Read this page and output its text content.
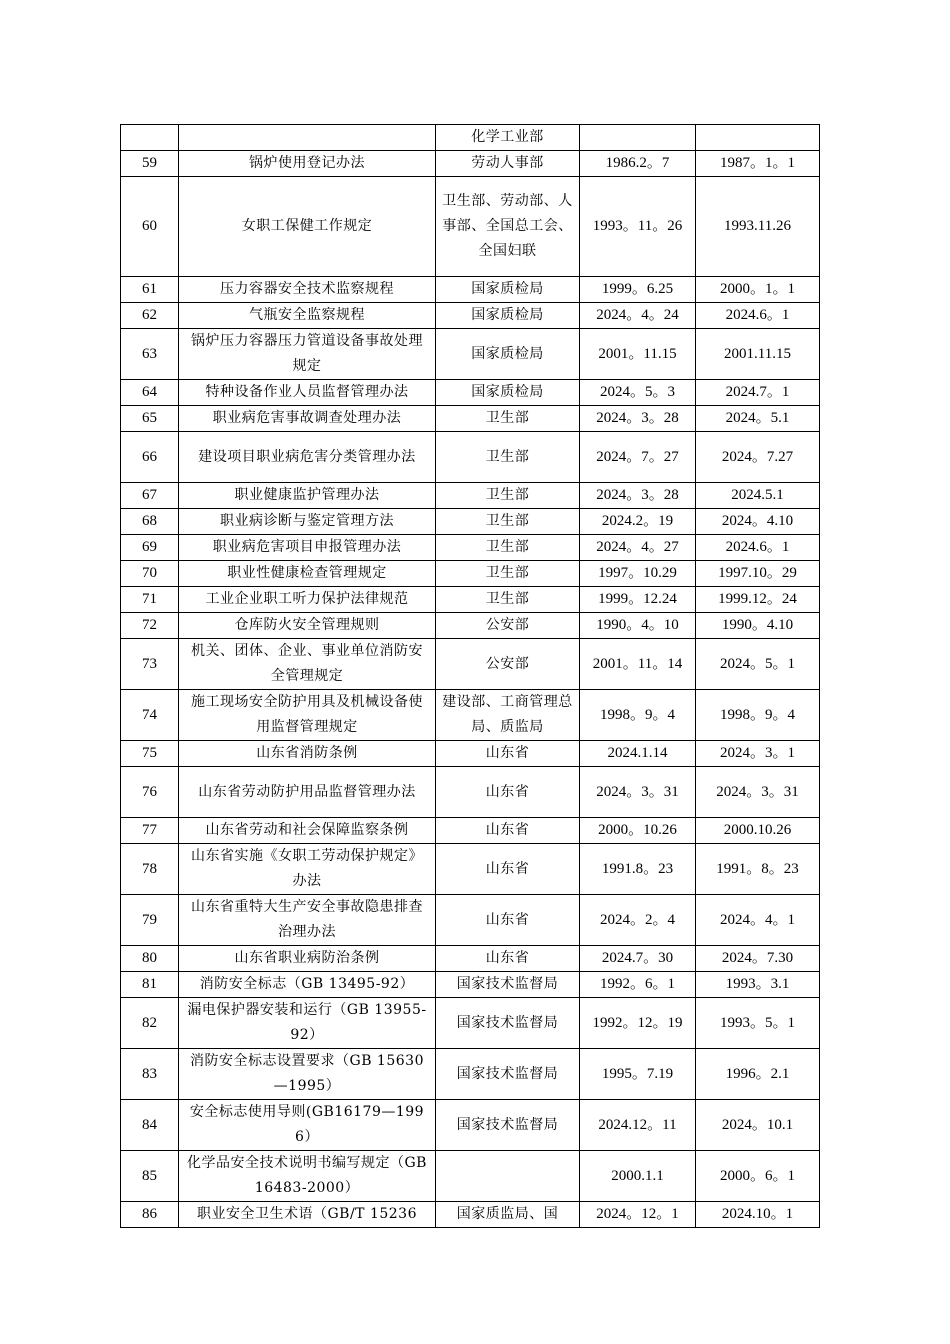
		化学工业部		
59	锅炉使用登记办法	劳动人事部	1986.2。7	1987。1。1
60	女职工保健工作规定	卫生部、劳动部、人事部、全国总工会、全国妇联	1993。11。26	1993.11.26
61	压力容器安全技术监察规程	国家质检局	1999。6.25	2000。1。1
62	气瓶安全监察规程	国家质检局	2024。4。24	2024.6。1
63	锅炉压力容器压力管道设备事故处理规定	国家质检局	2001。11.15	2001.11.15
64	特种设备作业人员监督管理办法	国家质检局	2024。5。3	2024.7。1
65	职业病危害事故调查处理办法	卫生部	2024。3。28	2024。5.1
66	建设项目职业病危害分类管理办法	卫生部	2024。7。27	2024。7.27
67	职业健康监护管理办法	卫生部	2024。3。28	2024.5.1
68	职业病诊断与鉴定管理方法	卫生部	2024.2。19	2024。4.10
69	职业病危害项目申报管理办法	卫生部	2024。4。27	2024.6。1
70	职业性健康检查管理规定	卫生部	1997。10.29	1997.10。29
71	工业企业职工听力保护法律规范	卫生部	1999。12.24	1999.12。24
72	仓库防火安全管理规则	公安部	1990。4。10	1990。4.10
73	机关、团体、企业、事业单位消防安全管理规定	公安部	2001。11。14	2024。5。1
74	施工现场安全防护用具及机械设备使用监督管理规定	建设部、工商管理总局、质监局	1998。9。4	1998。9。4
75	山东省消防条例	山东省	2024.1.14	2024。3。1
76	山东省劳动防护用品监督管理办法	山东省	2024。3。31	2024。3。31
77	山东省劳动和社会保障监察条例	山东省	2000。10.26	2000.10.26
78	山东省实施《女职工劳动保护规定》办法	山东省	1991.8。23	1991。8。23
79	山东省重特大生产安全事故隐患排查治理办法	山东省	2024。2。4	2024。4。1
80	山东省职业病防治条例	山东省	2024.7。30	2024。7.30
81	消防安全标志（GB 13495-92）	国家技术监督局	1992。6。1	1993。3.1
82	漏电保护器安装和运行（GB 13955-92）	国家技术监督局	1992。12。19	1993。5。1
83	消防安全标志设置要求（GB 15630—1995）	国家技术监督局	1995。7.19	1996。2.1
84	安全标志使用导则(GB16179—1996）	国家技术监督局	2024.12。11	2024。10.1
85	化学品安全技术说明书编写规定（GB 16483-2000）		2000.1.1	2000。6。1
86	职业安全卫生术语（GB/T 15236	国家质监局、国	2024。12。1	2024.10。1
